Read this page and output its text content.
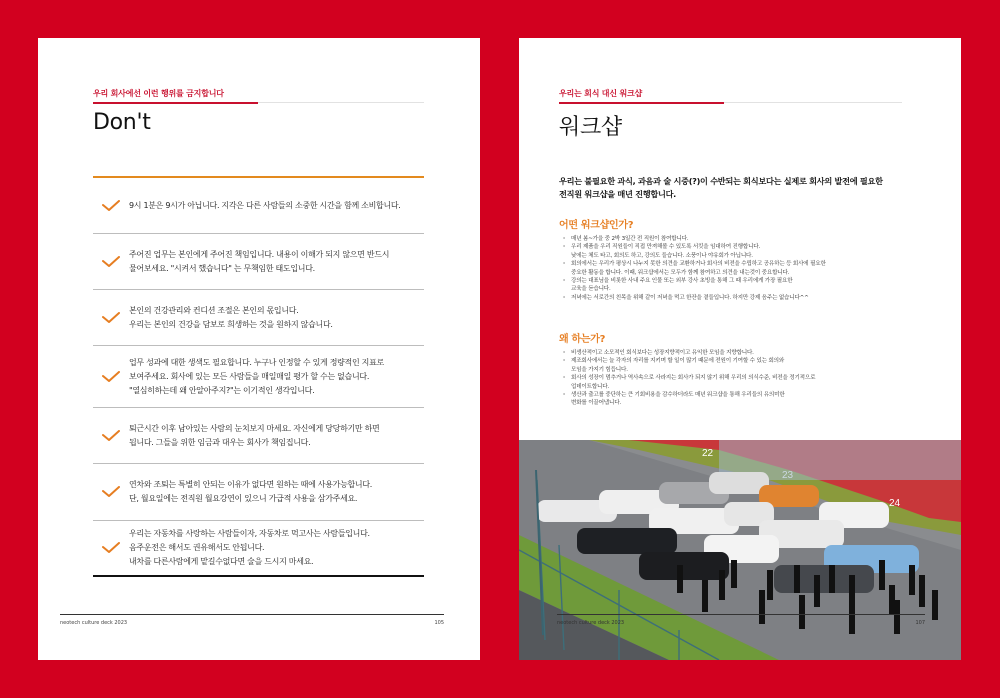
우리 회사에선 이런 행위를 금지합니다
Don't
9시 1분은 9시가 아닙니다. 지각은 다른 사람들의 소중한 시간을 함께 소비합니다.
주어진 업무는 본인에게 주어진 책임입니다. 내용이 이해가 되지 않으면 반드시
물어보세요. "시켜서 했습니다" 는 무책임한 태도입니다.
본인의 건강관리와 컨디션 조절은 본인의 몫입니다.
우리는 본인의 건강을 담보로 희생하는 것을 원하지 않습니다.
업무 성과에 대한 생색도 필요합니다. 누구나 인정할 수 있게 정량적인 지표로
보여주세요. 회사에 있는 모든 사람들을 매일매일 평가 할 수는 없습니다.
"열심히하는데 왜 안알아주지?"는 이기적인 생각입니다.
퇴근시간 이후 남아있는 사람의 눈치보지 마세요. 자신에게 당당하기만 하면
됩니다. 그들을 위한 임금과 대우는 회사가 책임집니다.
연차와 조퇴는 특별히 안되는 이유가 없다면 원하는 때에 사용가능합니다.
단, 월요일에는 전직원 월요강연이 있으니 가급적 사용을 삼가주세요.
우리는 자동차를 사랑하는 사람들이자, 자동차로 먹고사는 사람들입니다.
음주운전은 해서도 권유해서도 안됩니다.
내차를 다른사람에게 맡길수없다면 술을 드시지 마세요.
neotech culture deck 2023	105
우리는 회식 대신 워크샵
워크샵
우리는 불필요한 과식, 과음과 술 시중(?)이 수반되는 회식보다는 실제로 회사의 발전에 필요한
전직원 워크샵을 매년 진행합니다.
어떤 워크샵인가?
· 매년 봄~가을 중 2박 3일간 전 직원이 참여합니다.
· 우리 제품을 우리 직원들이 직접 만져해볼 수 있도록 서킷을 임대하여 진행합니다.
낮에는 체도 타고, 회의도 하고, 강의도 들습니다. 소풍이나 야유회가 아닙니다.
· 회의에서는 우리가 평상시 나누지 못한 의견을 교환하거나 회사의 비전을 수립하고 공유하는 등 회사에 필요한
중요한 활동을 합니다. 이때, 워크샵에서는 모두가 함께 참여하고 의견을 내는것이 중요합니다.
· 강의는 대표님을 비롯한 사내 주요 인물 또는 외부 강사 초빙을 통해 그 때 우리에게 가장 필요한
교육을 듣습니다.
· 저녁에는 서로간의 친목을 위해 같이 저녁을 먹고 한잔을 곁들입니다. 하지만 강제 음주는 없습니다^^
왜 하는가?
· 비생산적이고 소모적인 회식보다는 성장지향적이고 유익한 모임을 지향합니다.
· 제조회사에서는 늘 각자의 자리를 지키며 할 일이 많기 때문에 전원이 기여할 수 있는 회의와
모임을 가지기 힘듭니다.
· 회사의 성장이 멈추거나 역사속으로 사라지는 회사가 되지 않기 위해 우리의 의식수준, 비전을 정기적으로
업데이트합니다.
· 생산과 출고를 중단하는 큰 기회비용을 감수하더라도 매년 워크샵을 통해 우리들의 유의미한
변화를 이끌어냅니다.
22
24
neotech culture deck 2023	107
